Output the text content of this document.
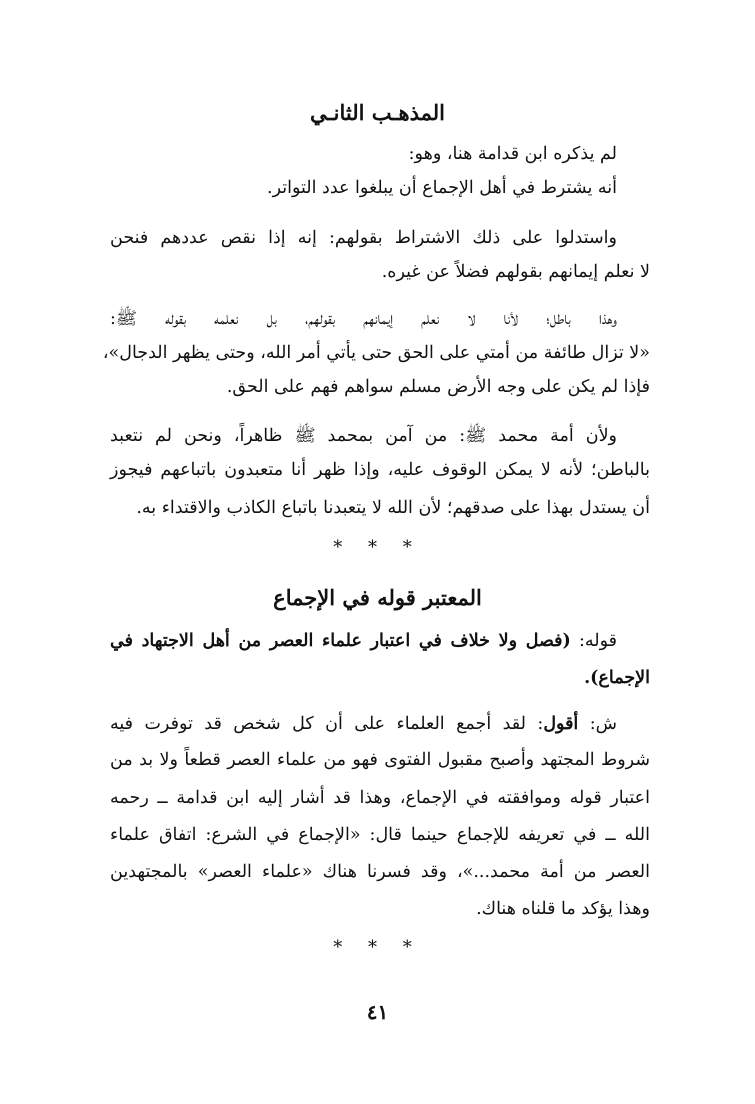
المذهـب الثانـي
لم يذكره ابن قدامة هنا، وهو:
أنه يشترط في أهل الإجماع أن يبلغوا عدد التواتر.
واستدلوا على ذلك الاشتراط بقولهم: إنه إذا نقص عددهم فنحن
لا نعلم إيمانهم بقولهم فضلاً عن غيره.
وهذا باطل؛ لأنا لا نعلم إيمانهم بقولهم، بل نعلمه بقوله ﷺ:
«لا تزال طائفة من أمتي على الحق حتى يأتي أمر الله، وحتى يظهر الدجال»،
فإذا لم يكن على وجه الأرض مسلم سواهم فهم على الحق.
ولأن أمة محمد ﷺ: من آمن بمحمد ﷺ ظاهراً، ونحن لم نتعبد
بالباطن؛ لأنه لا يمكن الوقوف عليه، وإذا ظهر أنا متعبدون باتباعهم فيجوز
أن يستدل بهذا على صدقهم؛ لأن الله لا يتعبدنا باتباع الكاذب والاقتداء به.
* * *
المعتبر قوله في الإجماع
قوله: (فصل ولا خلاف في اعتبار علماء العصر من أهل الاجتهاد في
الإجماع).
ش: أقول: لقد أجمع العلماء على أن كل شخص قد توفرت فيه
شروط المجتهد وأصبح مقبول الفتوى فهو من علماء العصر قطعاً ولا بد من
اعتبار قوله وموافقته في الإجماع، وهذا قد أشار إليه ابن قدامة ــ رحمه
الله ــ في تعريفه للإجماع حينما قال: «الإجماع في الشرع: اتفاق علماء
العصر من أمة محمد...»، وقد فسرنا هناك «علماء العصر» بالمجتهدين
وهذا يؤكد ما قلناه هناك.
* * *
٤١
